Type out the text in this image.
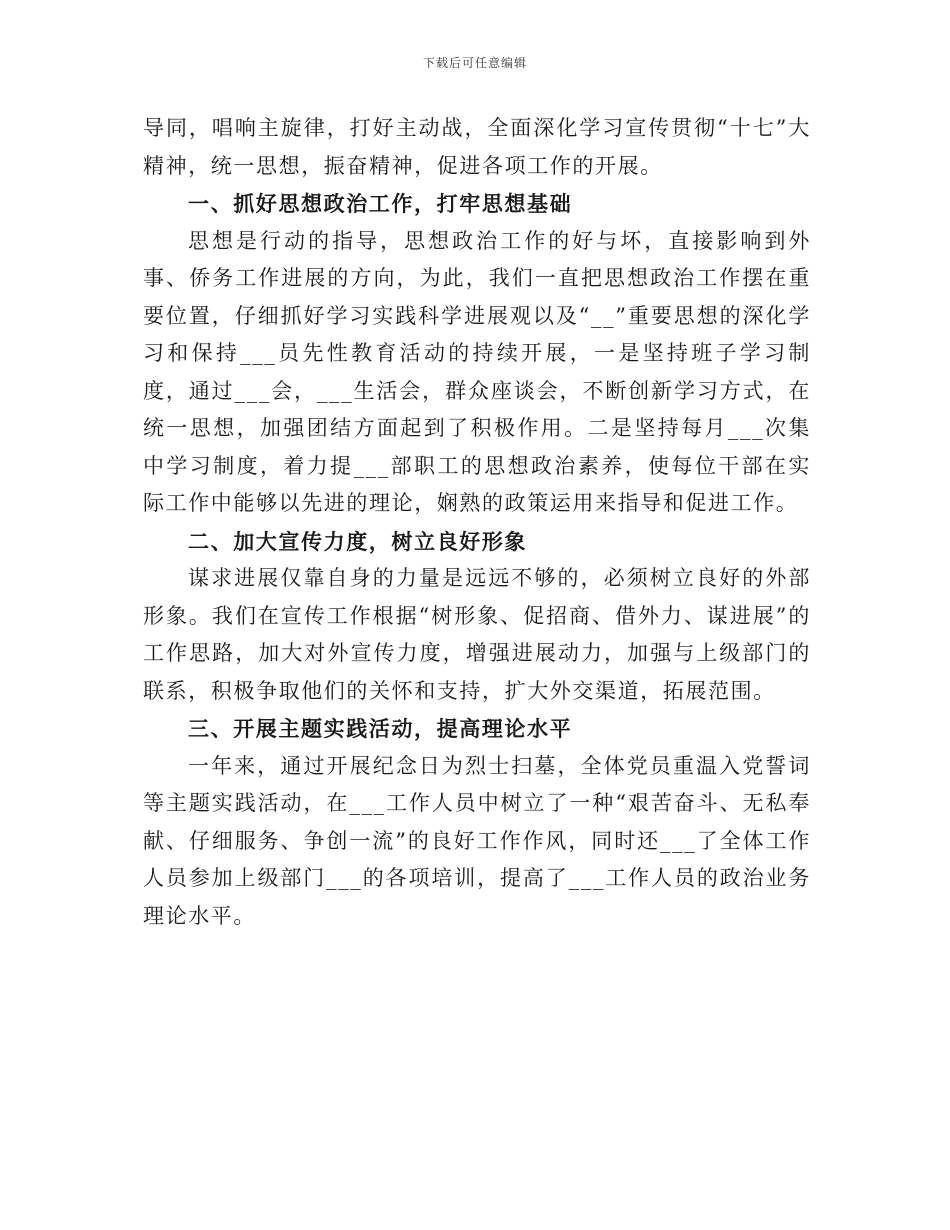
下载后可任意编辑

导同，唱响主旋律，打好主动战，全面深化学习宣传贯彻“十七”大精神，统一思想，振奋精神，促进各项工作的开展。

一、抓好思想政治工作，打牢思想基础

思想是行动的指导，思想政治工作的好与坏，直接影响到外事、侨务工作进展的方向，为此，我们一直把思想政治工作摆在重要位置，仔细抓好学习实践科学进展观以及“__”重要思想的深化学习和保持___员先性教育活动的持续开展，一是坚持班子学习制度，通过___会，___生活会，群众座谈会，不断创新学习方式，在统一思想，加强团结方面起到了积极作用。二是坚持每月___次集中学习制度，着力提___部职工的思想政治素养，使每位干部在实际工作中能够以先进的理论，娴熟的政策运用来指导和促进工作。

二、加大宣传力度，树立良好形象

谋求进展仅靠自身的力量是远远不够的，必须树立良好的外部形象。我们在宣传工作根据“树形象、促招商、借外力、谋进展”的工作思路，加大对外宣传力度，增强进展动力，加强与上级部门的联系，积极争取他们的关怀和支持，扩大外交渠道，拓展范围。

三、开展主题实践活动，提高理论水平

一年来，通过开展纪念日为烈士扫墓，全体党员重温入党誓词等主题实践活动，在___工作人员中树立了一种“艰苦奋斗、无私奉献、仔细服务、争创一流”的良好工作作风，同时还___了全体工作人员参加上级部门___的各项培训，提高了___工作人员的政治业务理论水平。
